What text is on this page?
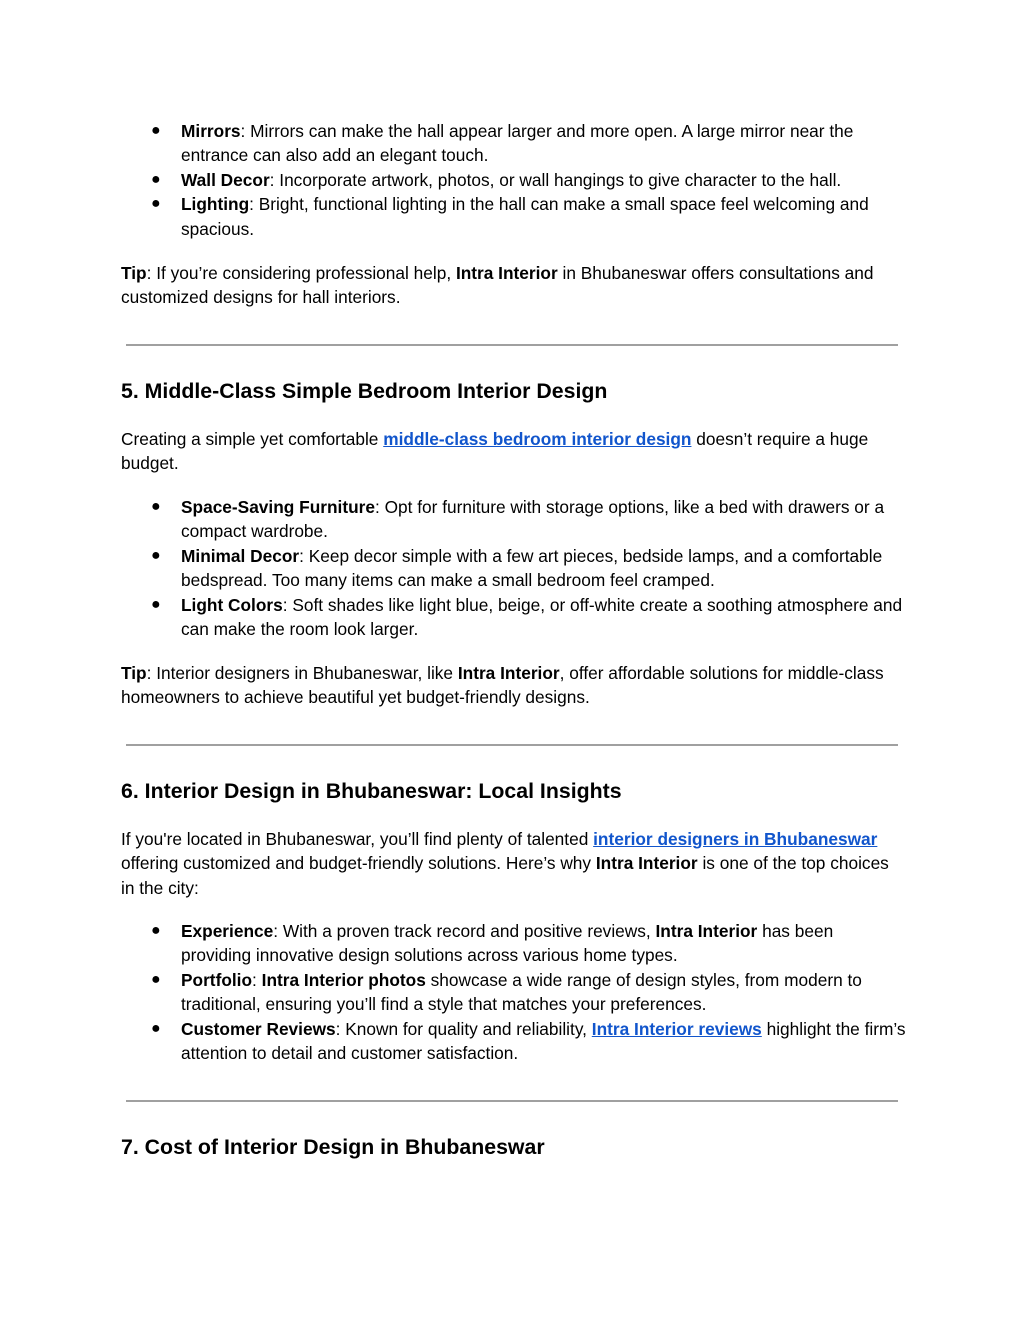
● Mirrors: Mirrors can make the hall appear larger and more open. A large mirror near the entrance can also add an elegant touch.
● Wall Decor: Incorporate artwork, photos, or wall hangings to give character to the hall.
● Lighting: Bright, functional lighting in the hall can make a small space feel welcoming and spacious.

Tip: If you’re considering professional help, Intra Interior in Bhubaneswar offers consultations and customized designs for hall interiors.

5. Middle-Class Simple Bedroom Interior Design

Creating a simple yet comfortable middle-class bedroom interior design doesn’t require a huge budget.

● Space-Saving Furniture: Opt for furniture with storage options, like a bed with drawers or a compact wardrobe.
● Minimal Decor: Keep decor simple with a few art pieces, bedside lamps, and a comfortable bedspread. Too many items can make a small bedroom feel cramped.
● Light Colors: Soft shades like light blue, beige, or off-white create a soothing atmosphere and can make the room look larger.

Tip: Interior designers in Bhubaneswar, like Intra Interior, offer affordable solutions for middle-class homeowners to achieve beautiful yet budget-friendly designs.

6. Interior Design in Bhubaneswar: Local Insights

If you're located in Bhubaneswar, you’ll find plenty of talented interior designers in Bhubaneswar offering customized and budget-friendly solutions. Here’s why Intra Interior is one of the top choices in the city:

● Experience: With a proven track record and positive reviews, Intra Interior has been providing innovative design solutions across various home types.
● Portfolio: Intra Interior photos showcase a wide range of design styles, from modern to traditional, ensuring you’ll find a style that matches your preferences.
● Customer Reviews: Known for quality and reliability, Intra Interior reviews highlight the firm’s attention to detail and customer satisfaction.
7. Cost of Interior Design in Bhubaneswar
